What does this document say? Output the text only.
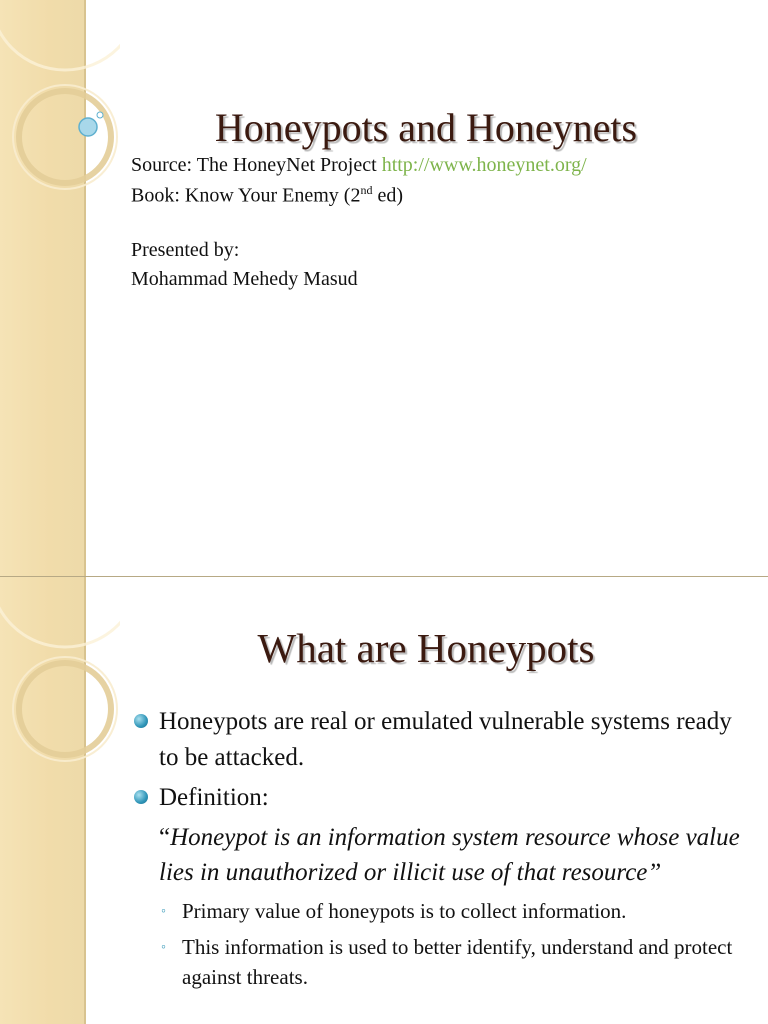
Honeypots and Honeynets
Source: The HoneyNet Project http://www.honeynet.org/
Book: Know Your Enemy (2nd ed)
Presented by:
Mohammad Mehedy Masud
What are Honeypots
Honeypots are real or emulated vulnerable systems ready to be attacked.
Definition:
“Honeypot is an information system resource whose value lies in unauthorized or illicit use of that resource”
◦ Primary value of honeypots is to collect information.
◦ This information is used to better identify, understand and protect against threats.
